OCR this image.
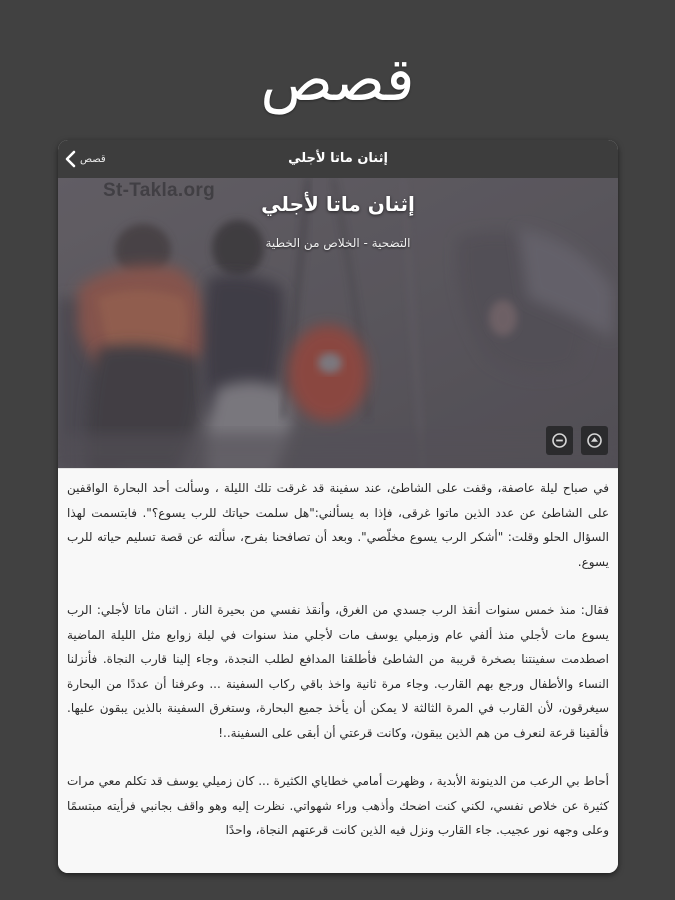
قصص
إثنان ماتا لأجلي
قصص
St-Takla.org
إثنان ماتا لأجلي
التضحية - الخلاص من الخطية

في صباح ليلة عاصفة، وقفت على الشاطئ، عند سفينة قد غرقت تلك الليلة ، وسألت أحد البحارة الواقفين على الشاطئ عن عدد الذين ماتوا غرقى، فإذا به يسألني:"هل سلمت حياتك للرب يسوع؟". فابتسمت لهذا السؤال الحلو وقلت: "أشكر الرب يسوع مخلّصي". وبعد أن تصافحنا بفرح، سألته عن قصة تسليم حياته للرب يسوع.

فقال: منذ خمس سنوات أنقذ الرب جسدي من الغرق، وأنقذ نفسي من بحيرة النار . اثنان ماتا لأجلي: الرب يسوع مات لأجلي منذ ألفي عام وزميلي يوسف مات لأجلي منذ سنوات في ليلة زوابع مثل الليلة الماضية اصطدمت سفينتنا بصخرة قريبة من الشاطئ فأطلقنا المدافع لطلب النجدة، وجاء إلينا قارب النجاة. فأنزلنا النساء والأطفال ورجع بهم القارب. وجاء مرة ثانية واخذ باقي ركاب السفينة ... وعرفنا أن عددًا من البحارة سيغرقون، لأن القارب في المرة الثالثة لا يمكن أن يأخذ جميع البحارة، وستغرق السفينة بالذين يبقون عليها. فألقينا قرعة لنعرف من هم الذين يبقون، وكانت قرعتي أن أبقى على السفينة..!

أحاط بي الرعب من الدينونة الأبدية ، وظهرت أمامي خطاياي الكثيرة ... كان زميلي يوسف قد تكلم معي مرات كثيرة عن خلاص نفسي، لكني كنت اضحك وأذهب وراء شهواتي. نظرت إليه وهو واقف بجانبي فرأيته مبتسمًا وعلى وجهه نور عجيب. جاء القارب ونزل فيه الذين كانت قرعتهم النجاة، واحدًا
